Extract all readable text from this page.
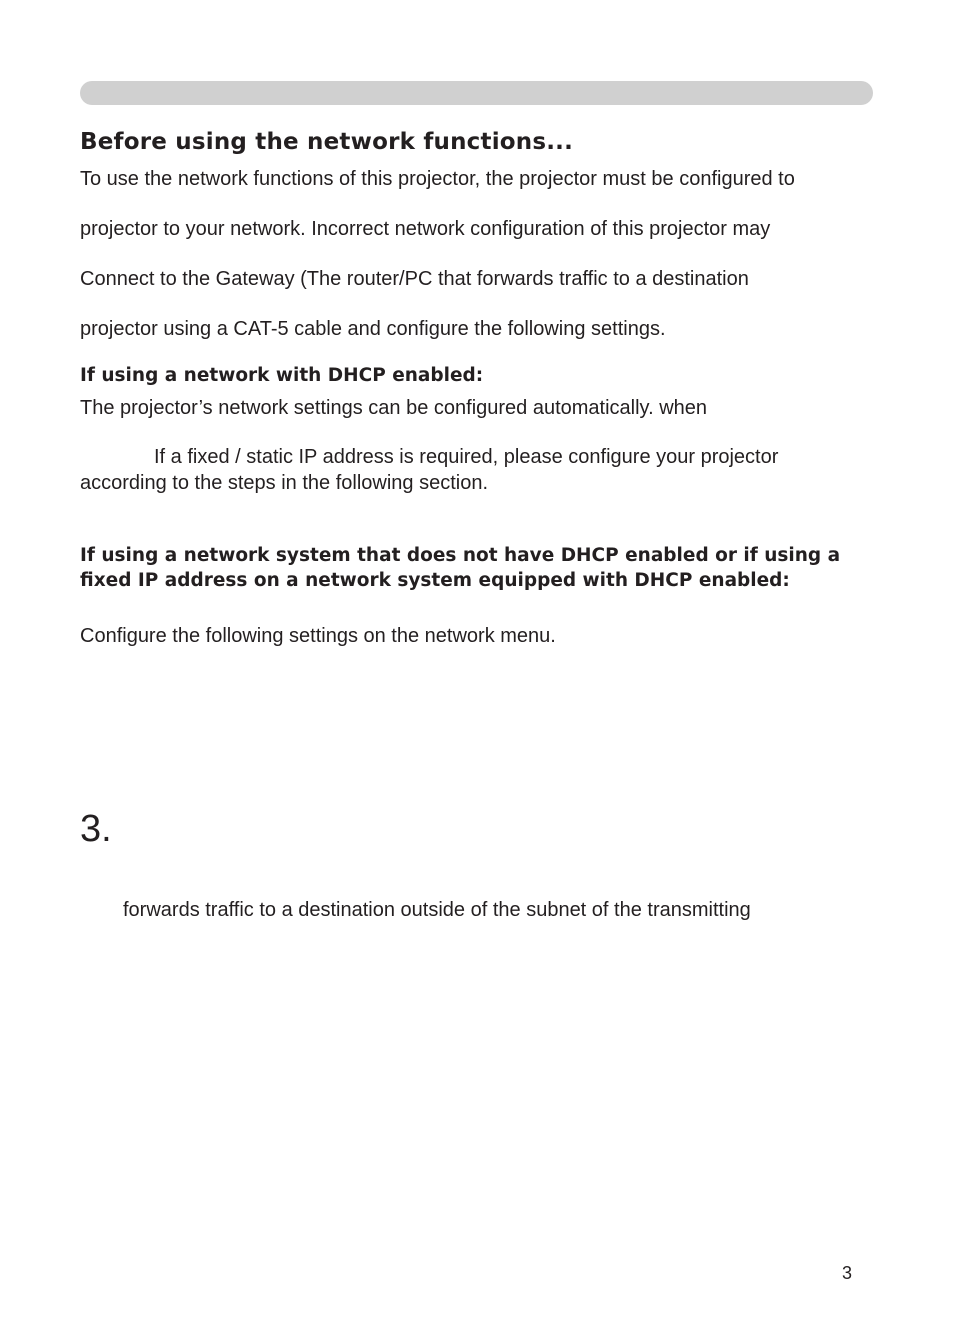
Before using the network functions...

To use the network functions of this projector, the projector must be configured to

projector to your network. Incorrect network configuration of this projector may

Connect to the Gateway (The router/PC that forwards traffic to a destination

projector using a CAT-5 cable and configure the following settings.

If using a network with DHCP enabled:

The projector’s network settings can be configured automatically. when

If a fixed / static IP address is required, please configure your projector

according to the steps in the following section.

If using a network system that does not have DHCP enabled or if using a fixed IP address on a network system equipped with DHCP enabled:

Configure the following settings on the network menu.

3.

forwards traffic to a destination outside of the subnet of the transmitting

3
